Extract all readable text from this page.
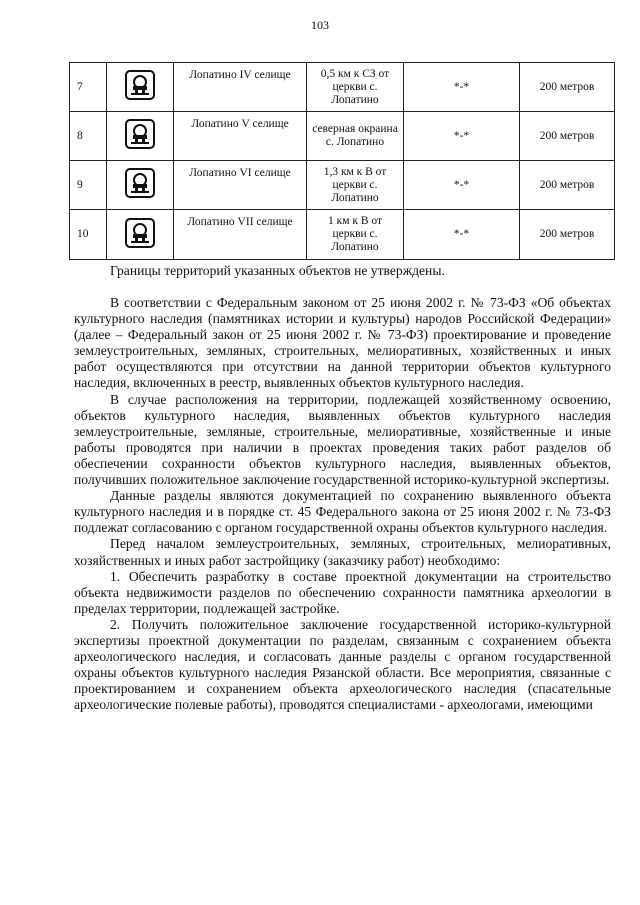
103
7		Лопатино IV селище	0,5 км к СЗ от церкви с. Лопатино	*-*	200 метров
8		Лопатино V селище	северная окраина с. Лопатино	*-*	200 метров
9		Лопатино VI селище	1,3 км к В от церкви с. Лопатино	*-*	200 метров
10		Лопатино VII селище	1 км к В от церкви с. Лопатино	*-*	200 метров
Границы территорий указанных объектов не утверждены.

В соответствии с Федеральным законом от 25 июня 2002 г. № 73-ФЗ «Об объектах культурного наследия (памятниках истории и культуры) народов Российской Федерации» (далее – Федеральный закон от 25 июня 2002 г. № 73-ФЗ) проектирование и проведение землеустроительных, земляных, строительных, мелиоративных, хозяйственных и иных работ осуществляются при отсутствии на данной территории объектов культурного наследия, включенных в реестр, выявленных объектов культурного наследия.

В случае расположения на территории, подлежащей хозяйственному освоению, объектов культурного наследия, выявленных объектов культурного наследия землеустроительные, земляные, строительные, мелиоративные, хозяйственные и иные работы проводятся при наличии в проектах проведения таких работ разделов об обеспечении сохранности объектов культурного наследия, выявленных объектов, получивших положительное заключение государственной историко-культурной экспертизы.

Данные разделы являются документацией по сохранению выявленного объекта культурного наследия и в порядке ст. 45 Федерального закона от 25 июня 2002 г. № 73-ФЗ подлежат согласованию с органом государственной охраны объектов культурного наследия.

Перед началом землеустроительных, земляных, строительных, мелиоративных, хозяйственных и иных работ застройщику (заказчику работ) необходимо:

1. Обеспечить разработку в составе проектной документации на строительство объекта недвижимости разделов по обеспечению сохранности памятника археологии в пределах территории, подлежащей застройке.

2. Получить положительное заключение государственной историко-культурной экспертизы проектной документации по разделам, связанным с сохранением объекта археологического наследия, и согласовать данные разделы с органом государственной охраны объектов культурного наследия Рязанской области. Все мероприятия, связанные с проектированием и сохранением объекта археологического наследия (спасательные археологические полевые работы), проводятся специалистами - археологами, имеющими
